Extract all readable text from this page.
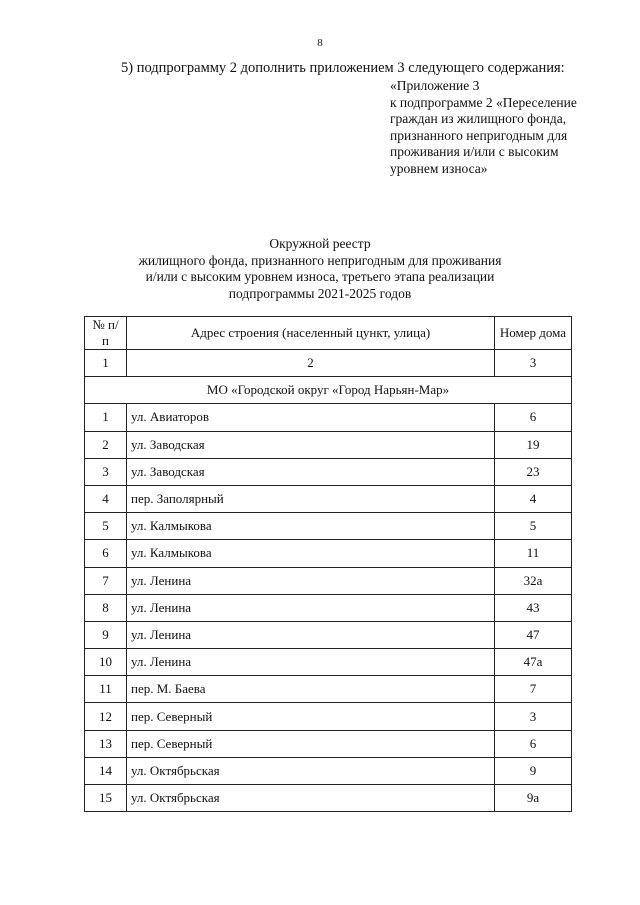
8
5) подпрограмму 2 дополнить приложением 3 следующего содержания:
«Приложение 3
к подпрограмме 2 «Переселение
граждан из жилищного фонда,
признанного непригодным для
проживания и/или с высоким
уровнем износа»
Окружной реестр
жилищного фонда, признанного непригодным для проживания
и/или с высоким уровнем износа, третьего этапа реализации
подпрограммы 2021-2025 годов
№ п/п	Адрес строения (населенный цункт, улица)	Номер дома
1	2	3
МО «Городской округ «Город Нарьян-Мар»		
1	ул. Авиаторов	6
2	ул. Заводская	19
3	ул. Заводская	23
4	пер. Заполярный	4
5	ул. Калмыкова	5
6	ул. Калмыкова	11
7	ул. Ленина	32а
8	ул. Ленина	43
9	ул. Ленина	47
10	ул. Ленина	47а
11	пер. М. Баева	7
12	пер. Северный	3
13	пер. Северный	6
14	ул. Октябрьская	9
15	ул. Октябрьская	9а
